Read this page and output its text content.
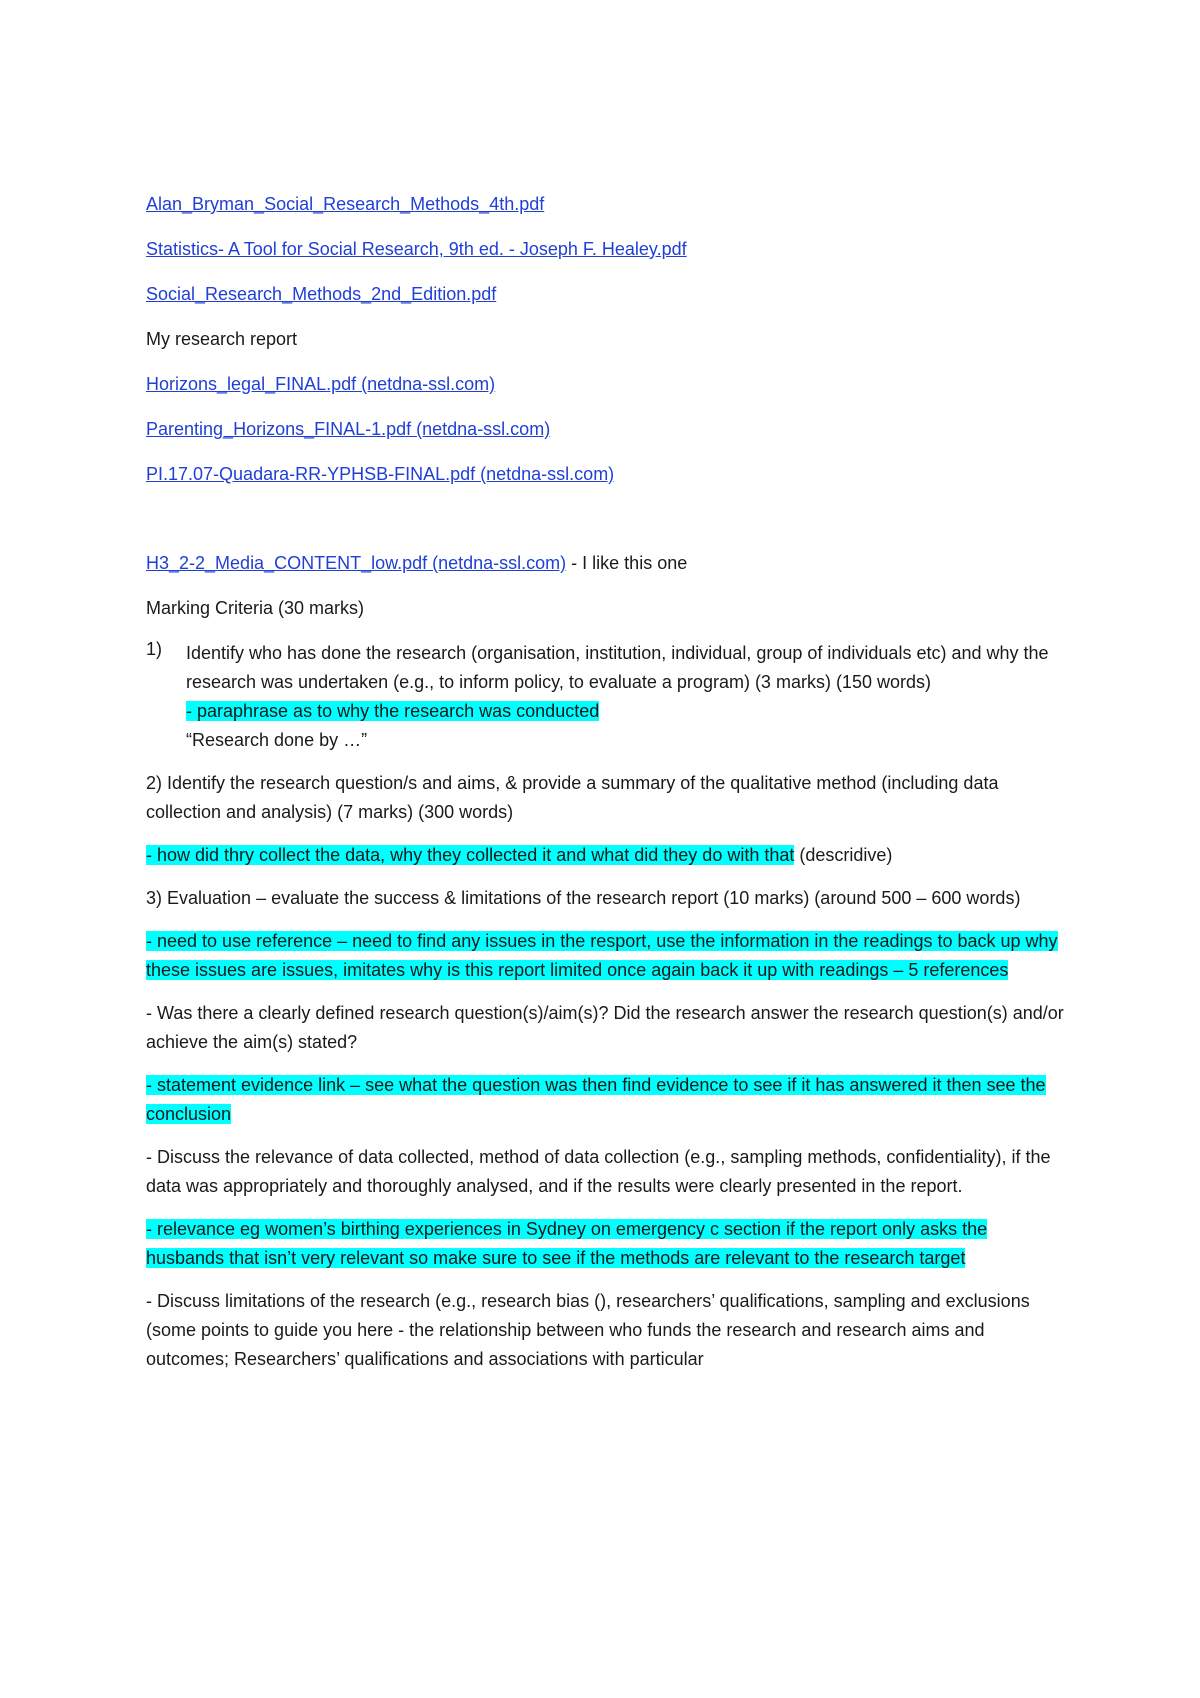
Alan_Bryman_Social_Research_Methods_4th.pdf

Statistics- A Tool for Social Research, 9th ed. - Joseph F. Healey.pdf

Social_Research_Methods_2nd_Edition.pdf

My research report

Horizons_legal_FINAL.pdf (netdna-ssl.com)

Parenting_Horizons_FINAL-1.pdf (netdna-ssl.com)

PI.17.07-Quadara-RR-YPHSB-FINAL.pdf (netdna-ssl.com)

H3_2-2_Media_CONTENT_low.pdf (netdna-ssl.com) - I like this one

Marking Criteria (30 marks)

1) Identify who has done the research (organisation, institution, individual, group of individuals etc) and why the research was undertaken (e.g., to inform policy, to evaluate a program) (3 marks) (150 words)

- paraphrase as to why the research was conducted

“Research done by …”

2) Identify the research question/s and aims, & provide a summary of the qualitative method (including data collection and analysis) (7 marks) (300 words)

- how did thry collect the data, why they collected it and what did they do with that (descridive)

3) Evaluation – evaluate the success & limitations of the research report (10 marks) (around 500 – 600 words)

- need to use reference – need to find any issues in the resport, use the information in the readings to back up why these issues are issues, imitates why is this report limited once again back it up with readings – 5 references

- Was there a clearly defined research question(s)/aim(s)? Did the research answer the research question(s) and/or achieve the aim(s) stated?

- statement evidence link – see what the question was then find evidence to see if it has answered it then see the conclusion

- Discuss the relevance of data collected, method of data collection (e.g., sampling methods, confidentiality), if the data was appropriately and thoroughly analysed, and if the results were clearly presented in the report.

- relevance eg women’s birthing experiences in Sydney on emergency c section if the report only asks the husbands that isn’t very relevant so make sure to see if the methods are relevant to the research target

- Discuss limitations of the research (e.g., research bias (), researchers’ qualifications, sampling and exclusions (some points to guide you here - the relationship between who funds the research and research aims and outcomes; Researchers’ qualifications and associations with particular
